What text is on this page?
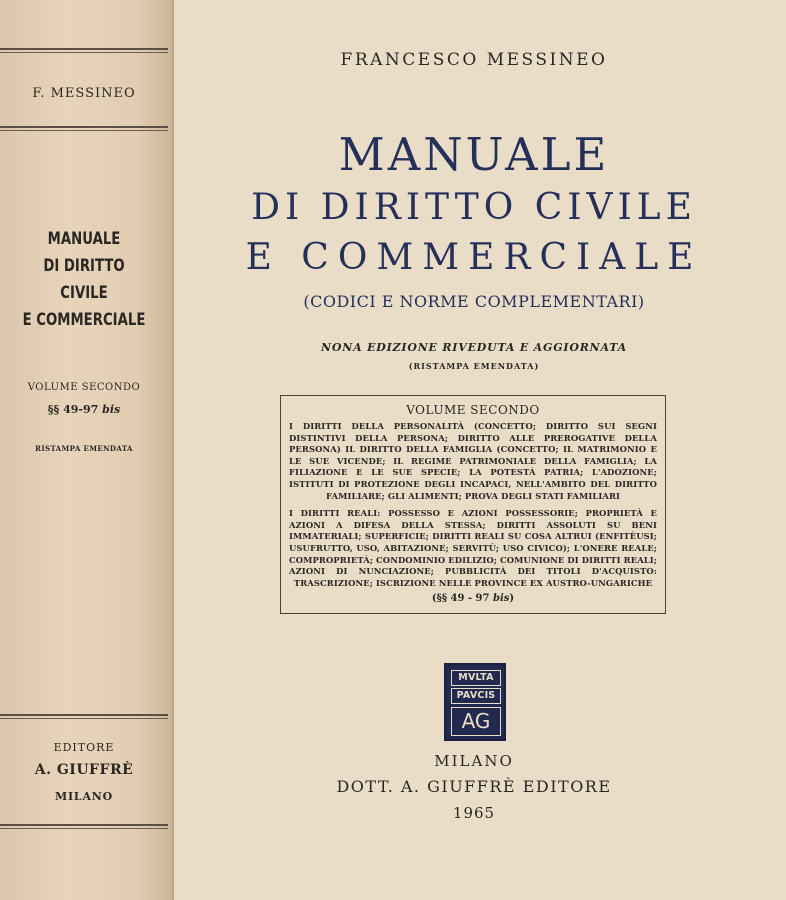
F. MESSINEO
MANUALE
DI DIRITTO CIVILE
E COMMERCIALE
VOLUME SECONDO
§§ 49-97 bis
RISTAMPA EMENDATA
EDITORE
A. GIUFFRÈ
MILANO
FRANCESCO MESSINEO
MANUALE
DI DIRITTO CIVILE
E COMMERCIALE
(CODICI E NORME COMPLEMENTARI)
NONA EDIZIONE RIVEDUTA E AGGIORNATA
(RISTAMPA EMENDATA)
VOLUME SECONDO

I DIRITTI DELLA PERSONALITÀ (CONCETTO; DIRITTO SUI SEGNI DISTINTIVI DELLA PERSONA; DIRITTO ALLE PREROGATIVE DELLA PERSONA) IL DIRITTO DELLA FAMIGLIA (CONCETTO; IL MATRIMONIO E LE SUE VICENDE; IL REGIME PATRIMONIALE DELLA FAMIGLIA; LA FILIAZIONE E LE SUE SPECIE; LA POTESTÀ PATRIA; L'ADOZIONE; ISTITUTI DI PROTEZIONE DEGLI INCAPACI, NELL'AMBITO DEL DIRITTO FAMILIARE; GLI ALIMENTI; PROVA DEGLI STATI FAMILIARI

I DIRITTI REALI: POSSESSO E AZIONI POSSESSORIE; PROPRIETÀ E AZIONI A DIFESA DELLA STESSA; DIRITTI ASSOLUTI SU BENI IMMATERIALI; SUPERFICIE; DIRITTI REALI SU COSA ALTRUI (ENFITÈUSI; USUFRUTTO, USO, ABITAZIONE; SERVITÙ; USO CIVICO); L'ONERE REALE; COMPROPRIETÀ; CONDOMINIO EDILIZIO; COMUNIONE DI DIRITTI REALI; AZIONI DI NUNCIAZIONE; PUBBLICITÀ DEI TITOLI D'ACQUISTO: TRASCRIZIONE; ISCRIZIONE NELLE PROVINCE EX AUSTRO-UNGARICHE

(§§ 49 - 97 bis)
MVLTA
PAVCIS
AG
MILANO
DOTT. A. GIUFFRÈ EDITORE
1965
